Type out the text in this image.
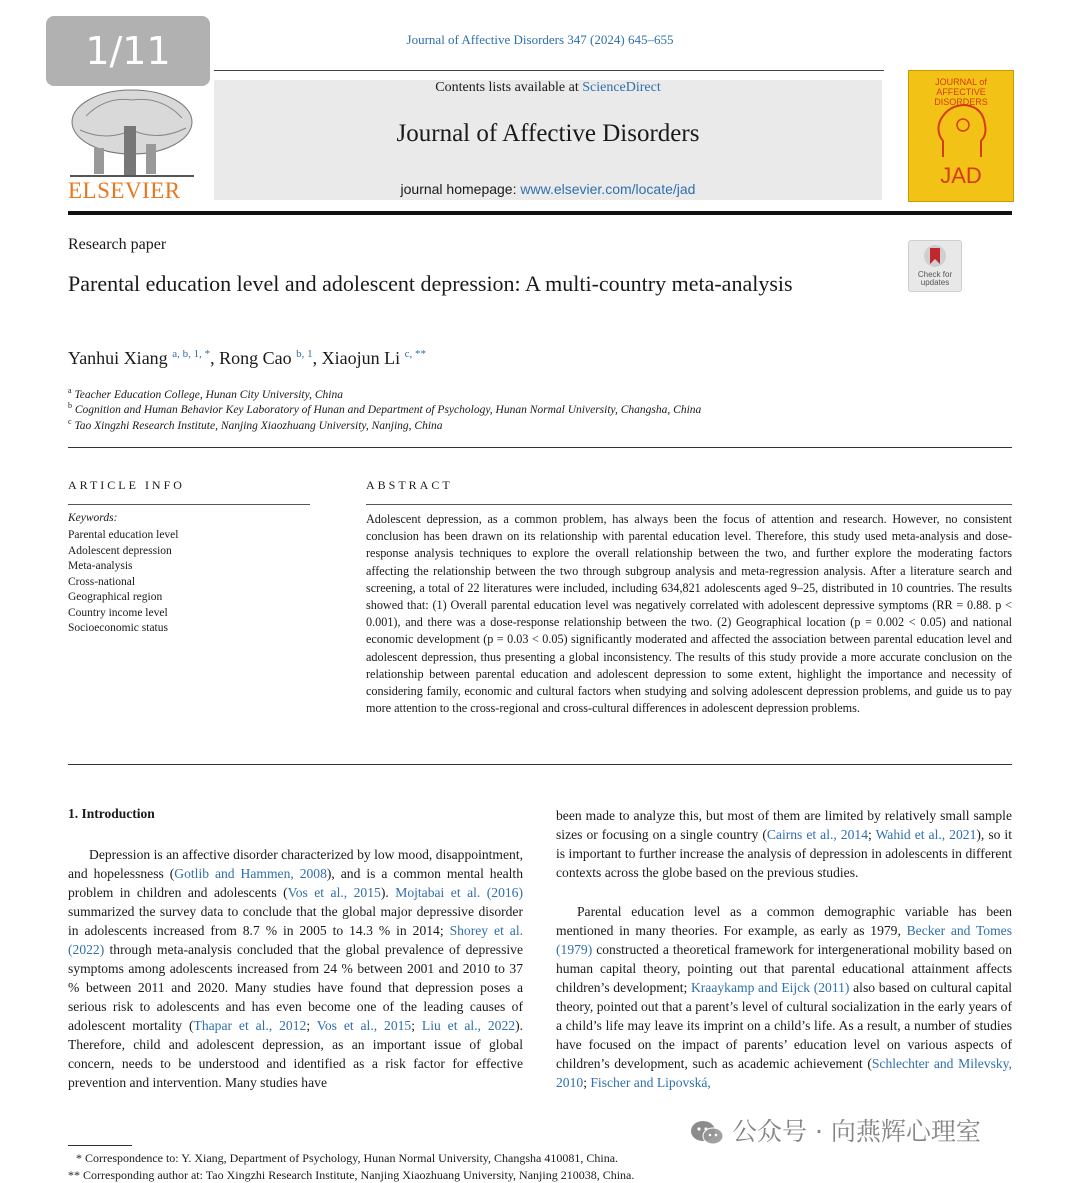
1/11	Journal of Affective Disorders 347 (2024) 645–655
ELSEVIER
Contents lists available at ScienceDirect
Journal of Affective Disorders
journal homepage: www.elsevier.com/locate/jad
JOURNAL of AFFECTIVE DISORDERS
JAD
Research paper
Parental education level and adolescent depression: A multi-country meta-analysis	Check for updates
Yanhui Xiang $^{a, b, 1, *}$, Rong Cao $^{b, 1}$, Xiaojun Li $^{c, **}$
$^a$ Teacher Education College, Hunan City University, China
$^b$ Cognition and Human Behavior Key Laboratory of Hunan and Department of Psychology, Hunan Normal University, Changsha, China
$^c$ Tao Xingzhi Research Institute, Nanjing Xiaozhuang University, Nanjing, China
ARTICLE INFO	ABSTRACT
Keywords:
Parental education level
Adolescent depression
Meta-analysis
Cross-national
Geographical region
Country income level
Socioeconomic status
Adolescent depression, as a common problem, has always been the focus of attention and research. However, no consistent conclusion has been drawn on its relationship with parental education level. Therefore, this study used meta-analysis and dose-response analysis techniques to explore the overall relationship between the two, and further explore the moderating factors affecting the relationship between the two through subgroup analysis and meta-regression analysis. After a literature search and screening, a total of 22 literatures were included, including 634,821 adolescents aged 9–25, distributed in 10 countries. The results showed that: (1) Overall parental education level was negatively correlated with adolescent depressive symptoms (RR = 0.88. p < 0.001), and there was a dose-response relationship between the two. (2) Geographical location (p = 0.002 < 0.05) and national economic development (p = 0.03 < 0.05) significantly moderated and affected the association between parental education level and adolescent depression, thus presenting a global inconsistency. The results of this study provide a more accurate conclusion on the relationship between parental education and adolescent depression to some extent, highlight the importance and necessity of considering family, economic and cultural factors when studying and solving adolescent depression problems, and guide us to pay more attention to the cross-regional and cross-cultural differences in adolescent depression problems.
1. Introduction
Depression is an affective disorder characterized by low mood, disappointment, and hopelessness (Gotlib and Hammen, 2008), and is a common mental health problem in children and adolescents (Vos et al., 2015). Mojtabai et al. (2016) summarized the survey data to conclude that the global major depressive disorder in adolescents increased from 8.7 % in 2005 to 14.3 % in 2014; Shorey et al. (2022) through meta-analysis concluded that the global prevalence of depressive symptoms among adolescents increased from 24 % between 2001 and 2010 to 37 % between 2011 and 2020. Many studies have found that depression poses a serious risk to adolescents and has even become one of the leading causes of adolescent mortality (Thapar et al., 2012; Vos et al., 2015; Liu et al., 2022). Therefore, child and adolescent depression, as an important issue of global concern, needs to be understood and identified as a risk factor for effective prevention and intervention. Many studies have
been made to analyze this, but most of them are limited by relatively small sample sizes or focusing on a single country (Cairns et al., 2014; Wahid et al., 2021), so it is important to further increase the analysis of depression in adolescents in different contexts across the globe based on the previous studies.
Parental education level as a common demographic variable has been mentioned in many theories. For example, as early as 1979, Becker and Tomes (1979) constructed a theoretical framework for intergenerational mobility based on human capital theory, pointing out that parental educational attainment affects children’s development; Kraaykamp and Eijck (2011) also based on cultural capital theory, pointed out that a parent’s level of cultural socialization in the early years of a child’s life may leave its imprint on a child’s life. As a result, a number of studies have focused on the impact of parents’ education level on various aspects of children’s development, such as academic achievement (Schlechter and Milevsky, 2010; Fischer and Lipovská,
* Correspondence to: Y. Xiang, Department of Psychology, Hunan Normal University, Changsha 410081, China.
** Corresponding author at: Tao Xingzhi Research Institute, Nanjing Xiaozhuang University, Nanjing 210038, China.
公众号 · 向燕辉心理室
